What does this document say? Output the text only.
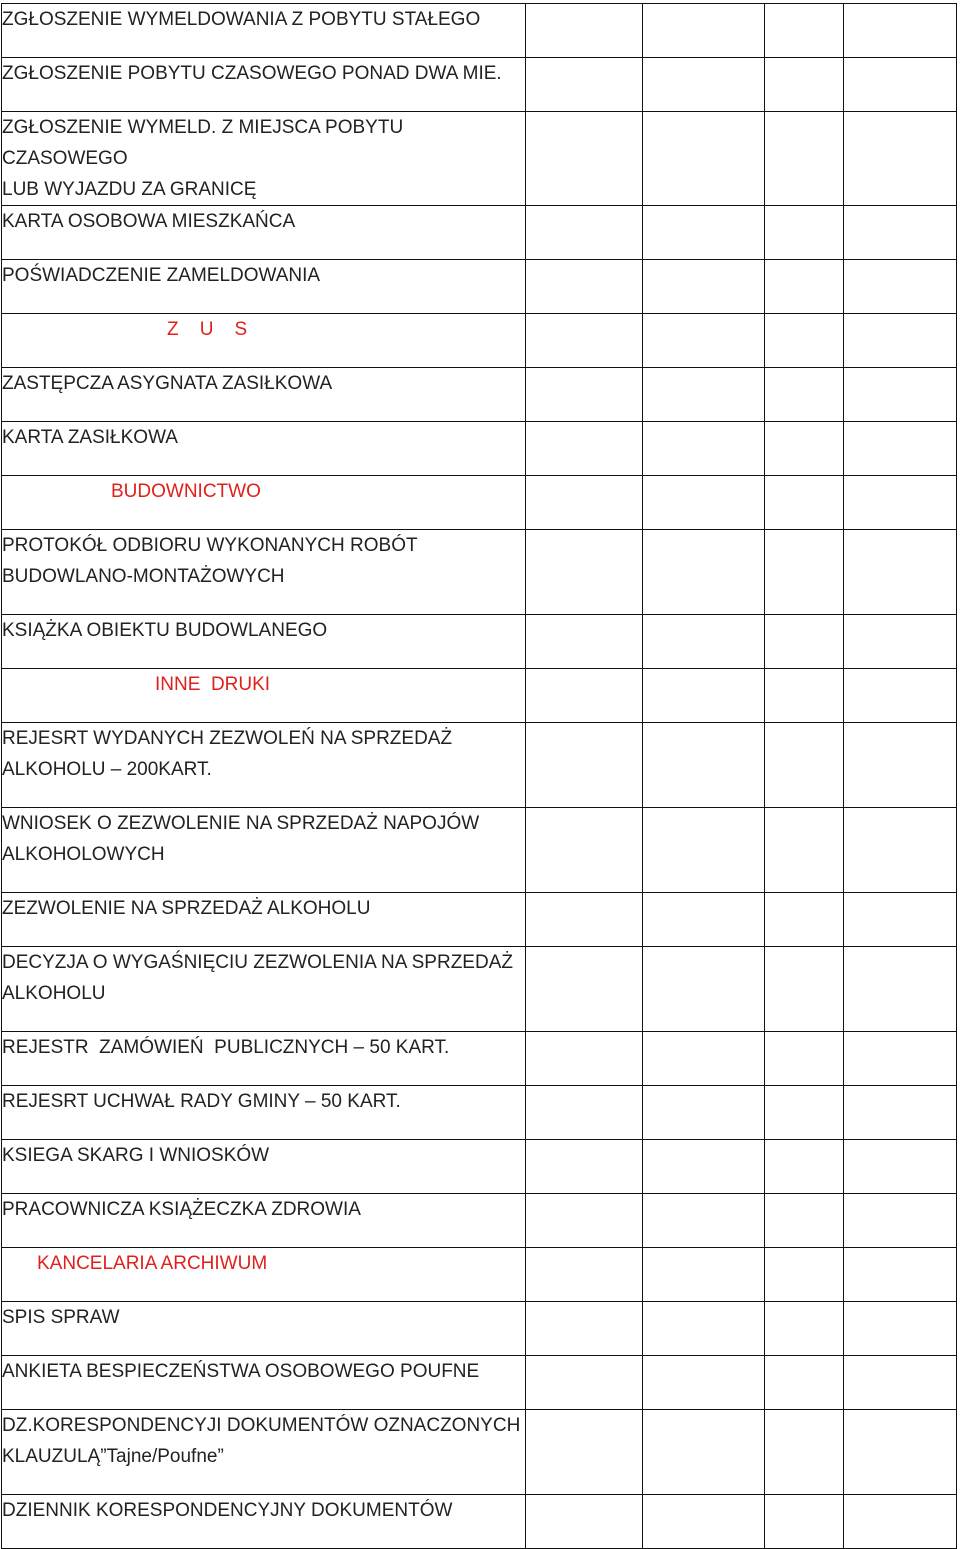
ZGŁOSZENIE WYMELDOWANIA Z POBYTU STAŁEGO				

ZGŁOSZENIE POBYTU CZASOWEGO PONAD DWA MIE.				

ZGŁOSZENIE WYMELD. Z MIEJSCA POBYTU CZASOWEGO
LUB WYJAZDU ZA GRANICĘ				

KARTA OSOBOWA MIESZKAŃCA				

POŚWIADCZENIE ZAMELDOWANIA				

Z    U    S				

ZASTĘPCZA ASYGNATA ZASIŁKOWA				

KARTA ZASIŁKOWA				

BUDOWNICTWO				

PROTOKÓŁ ODBIORU WYKONANYCH ROBÓT
BUDOWLANO-MONTAŻOWYCH				

KSIĄŻKA OBIEKTU BUDOWLANEGO				

INNE  DRUKI				

REJESRT WYDANYCH ZEZWOLEŃ NA SPRZEDAŻ
ALKOHOLU – 200KART.				

WNIOSEK O ZEZWOLENIE NA SPRZEDAŻ NAPOJÓW
ALKOHOLOWYCH				

ZEZWOLENIE NA SPRZEDAŻ ALKOHOLU				

DECYZJA O WYGAŚNIĘCIU ZEZWOLENIA NA SPRZEDAŻ
ALKOHOLU				

REJESTR  ZAMÓWIEŃ  PUBLICZNYCH – 50 KART.				

REJESRT UCHWAŁ RADY GMINY – 50 KART.				

KSIEGA SKARG I WNIOSKÓW				

PRACOWNICZA KSIĄŻECZKA ZDROWIA				

KANCELARIA ARCHIWUM				

SPIS SPRAW				

ANKIETA BESPIECZEŃSTWA OSOBOWEGO POUFNE				

DZ.KORESPONDENCYJI DOKUMENTÓW OZNACZONYCH
KLAUZULĄ”Tajne/Poufne”				

DZIENNIK KORESPONDENCYJNY DOKUMENTÓW				
